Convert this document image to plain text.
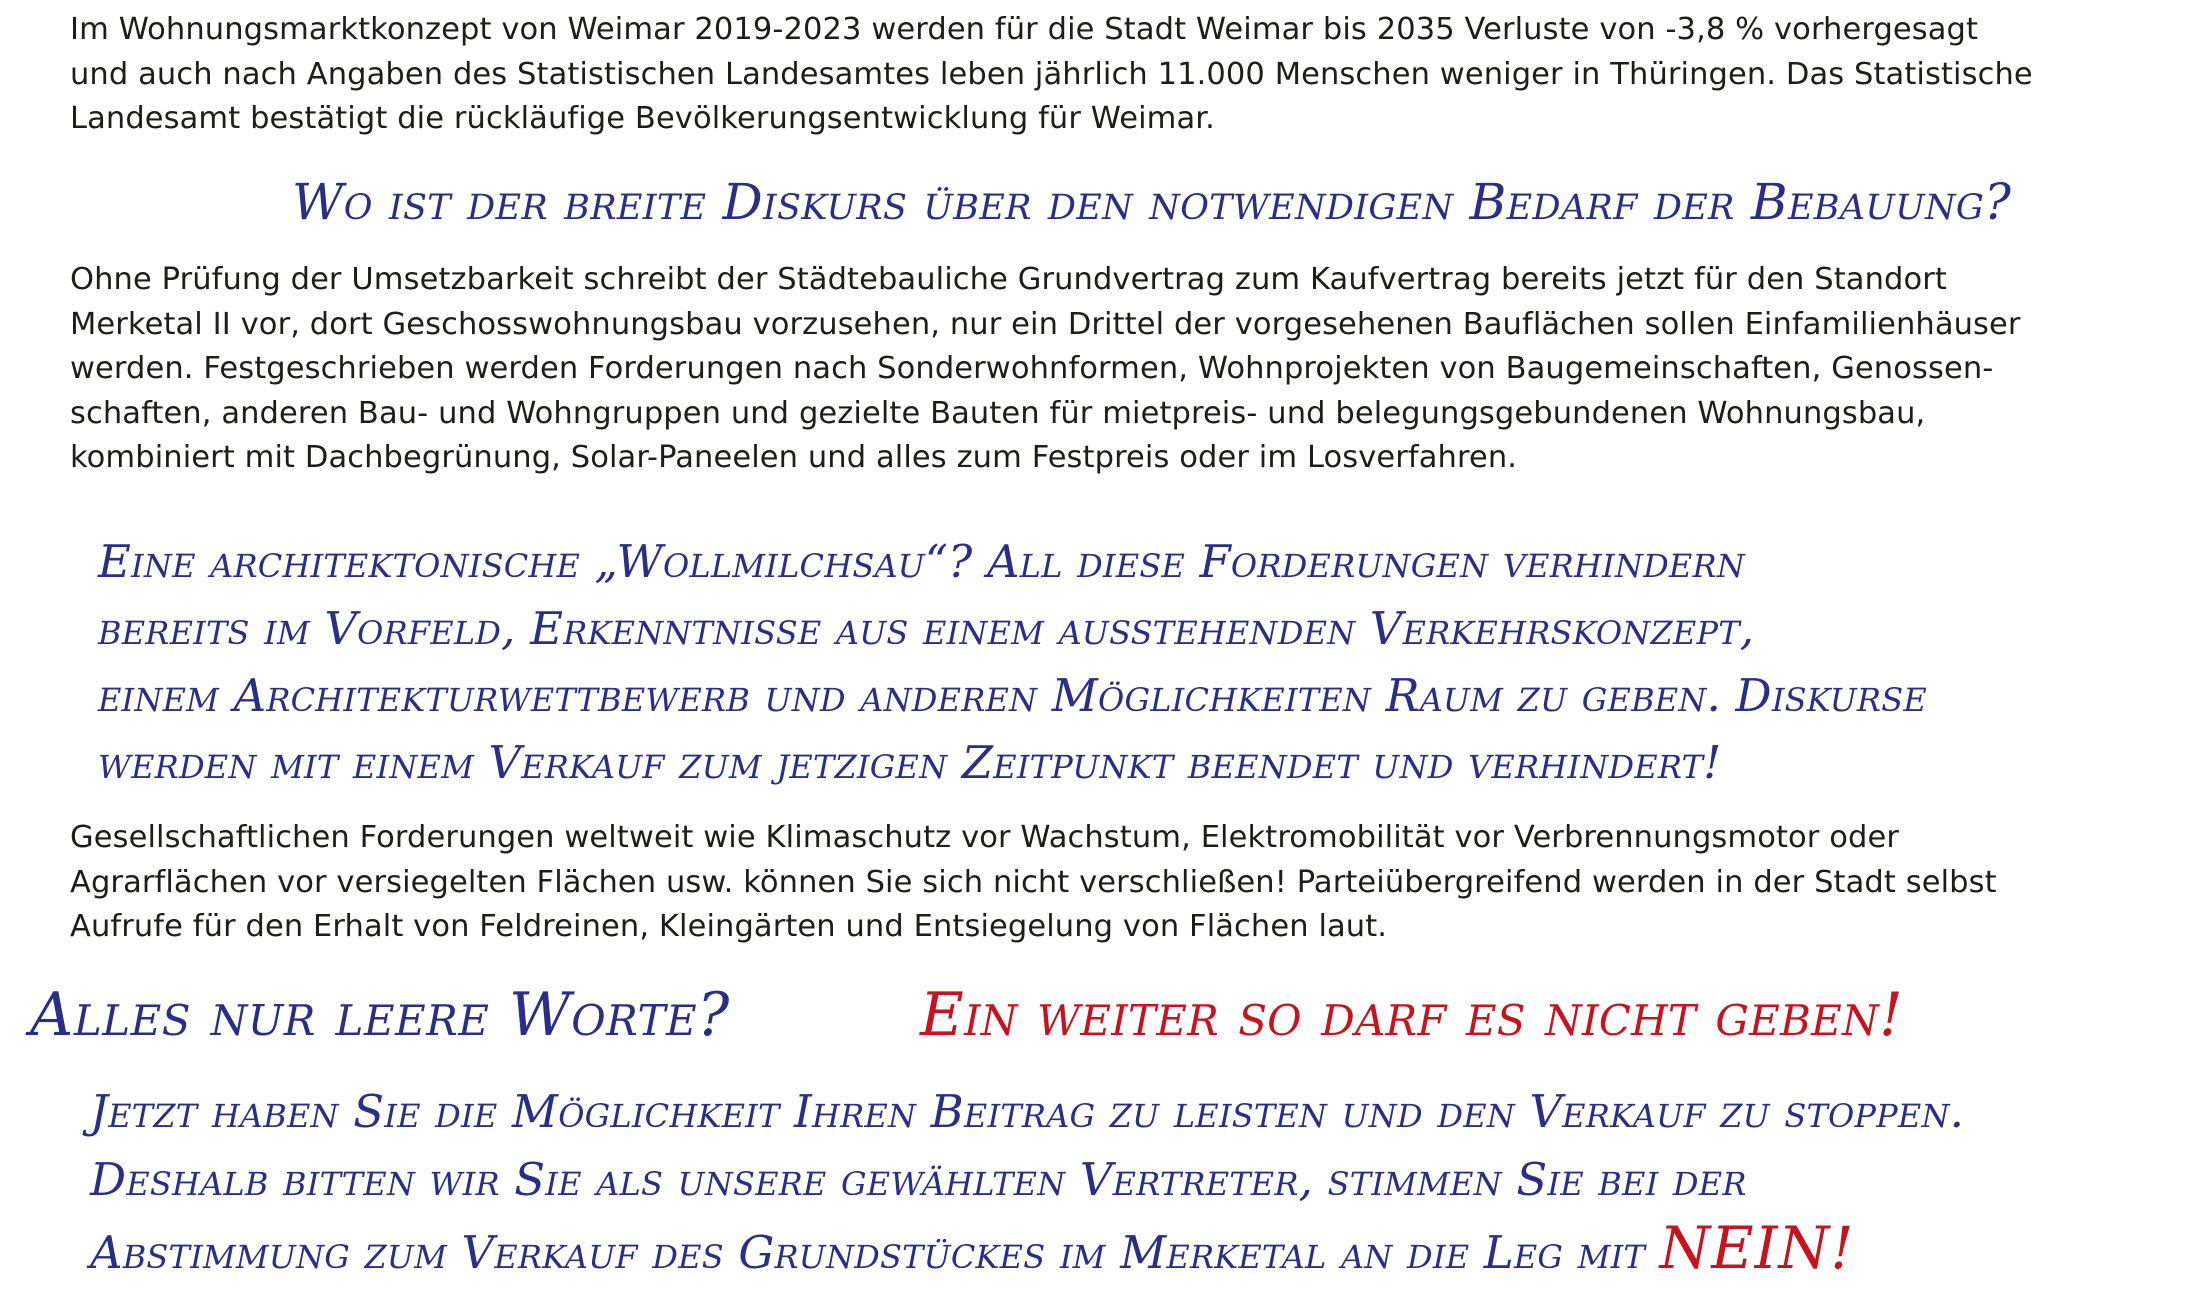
Im Wohnungsmarktkonzept von Weimar 2019-2023 werden für die Stadt Weimar bis 2035 Verluste von -3,8 % vorhergesagt
und auch nach Angaben des Statistischen Landesamtes leben jährlich 11.000 Menschen weniger in Thüringen. Das Statistische
Landesamt bestätigt die rückläufige Bevölkerungsentwicklung für Weimar.
Wo ist der breite Diskurs über den notwendigen Bedarf der Bebauung?
Ohne Prüfung der Umsetzbarkeit schreibt der Städtebauliche Grundvertrag zum Kaufvertrag bereits jetzt für den Standort
Merketal II vor, dort Geschosswohnungsbau vorzusehen, nur ein Drittel der vorgesehenen Bauflächen sollen Einfamilienhäuser
werden. Festgeschrieben werden Forderungen nach Sonderwohnformen, Wohnprojekten von Baugemeinschaften, Genossen-
schaften, anderen Bau- und Wohngruppen und gezielte Bauten für mietpreis- und belegungsgebundenen Wohnungsbau,
kombiniert mit Dachbegrünung, Solar-Paneelen und alles zum Festpreis oder im Losverfahren.
Eine architektonische „Wollmilchsau“? All diese Forderungen verhindern
bereits im Vorfeld, Erkenntnisse aus einem ausstehenden Verkehrskonzept,
einem Architekturwettbewerb und anderen Möglichkeiten Raum zu geben. Diskurse
werden mit einem Verkauf zum jetzigen Zeitpunkt beendet und verhindert!
Gesellschaftlichen Forderungen weltweit wie Klimaschutz vor Wachstum, Elektromobilität vor Verbrennungsmotor oder
Agrarflächen vor versiegelten Flächen usw. können Sie sich nicht verschließen! Parteiübergreifend werden in der Stadt selbst
Aufrufe für den Erhalt von Feldreinen, Kleingärten und Entsiegelung von Flächen laut.
Alles nur leere Worte?	Ein weiter so darf es nicht geben!
Jetzt haben Sie die Möglichkeit Ihren Beitrag zu leisten und den Verkauf zu stoppen.
Deshalb bitten wir Sie als unsere gewählten Vertreter, stimmen Sie bei der
Abstimmung zum Verkauf des Grundstückes im Merketal an die Leg mit NEIN!
